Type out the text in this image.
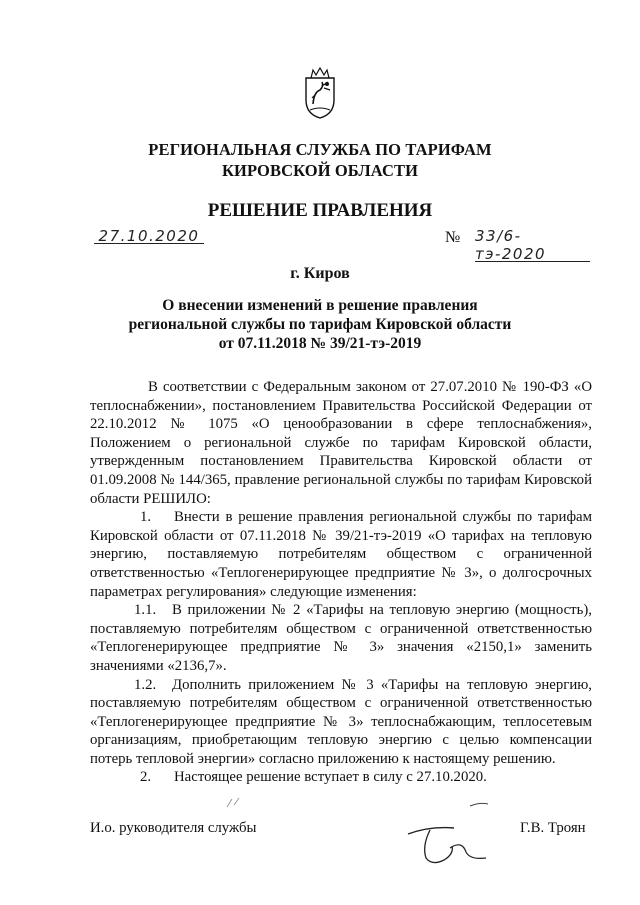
РЕГИОНАЛЬНАЯ СЛУЖБА ПО ТАРИФАМ
КИРОВСКОЙ ОБЛАСТИ
РЕШЕНИЕ ПРАВЛЕНИЯ
27.10.2020	№ 33/6-тэ-2020
г. Киров
О внесении изменений в решение правления
региональной службы по тарифам Кировской области
от 07.11.2018 № 39/21-тэ-2019

В соответствии с Федеральным законом от 27.07.2010 № 190-ФЗ «О теплоснабжении», постановлением Правительства Российской Федерации от 22.10.2012 № 1075 «О ценообразовании в сфере теплоснабжения», Положением о региональной службе по тарифам Кировской области, утвержденным постановлением Правительства Кировской области от 01.09.2008 № 144/365, правление региональной службы по тарифам Кировской области РЕШИЛО:

1. Внести в решение правления региональной службы по тарифам Кировской области от 07.11.2018 № 39/21-тэ-2019 «О тарифах на тепловую энергию, поставляемую потребителям обществом с ограниченной ответственностью «Теплогенерирующее предприятие № 3», о долгосрочных параметрах регулирования» следующие изменения:

1.1. В приложении № 2 «Тарифы на тепловую энергию (мощность), поставляемую потребителям обществом с ограниченной ответственностью «Теплогенерирующее предприятие № 3» значения «2150,1» заменить значениями «2136,7».

1.2. Дополнить приложением № 3 «Тарифы на тепловую энергию, поставляемую потребителям обществом с ограниченной ответственностью «Теплогенерирующее предприятие № 3» теплоснабжающим, теплосетевым организациям, приобретающим тепловую энергию с целью компенсации потерь тепловой энергии» согласно приложению к настоящему решению.

2. Настоящее решение вступает в силу с 27.10.2020.

И.о. руководителя службы	Г.В. Троян
